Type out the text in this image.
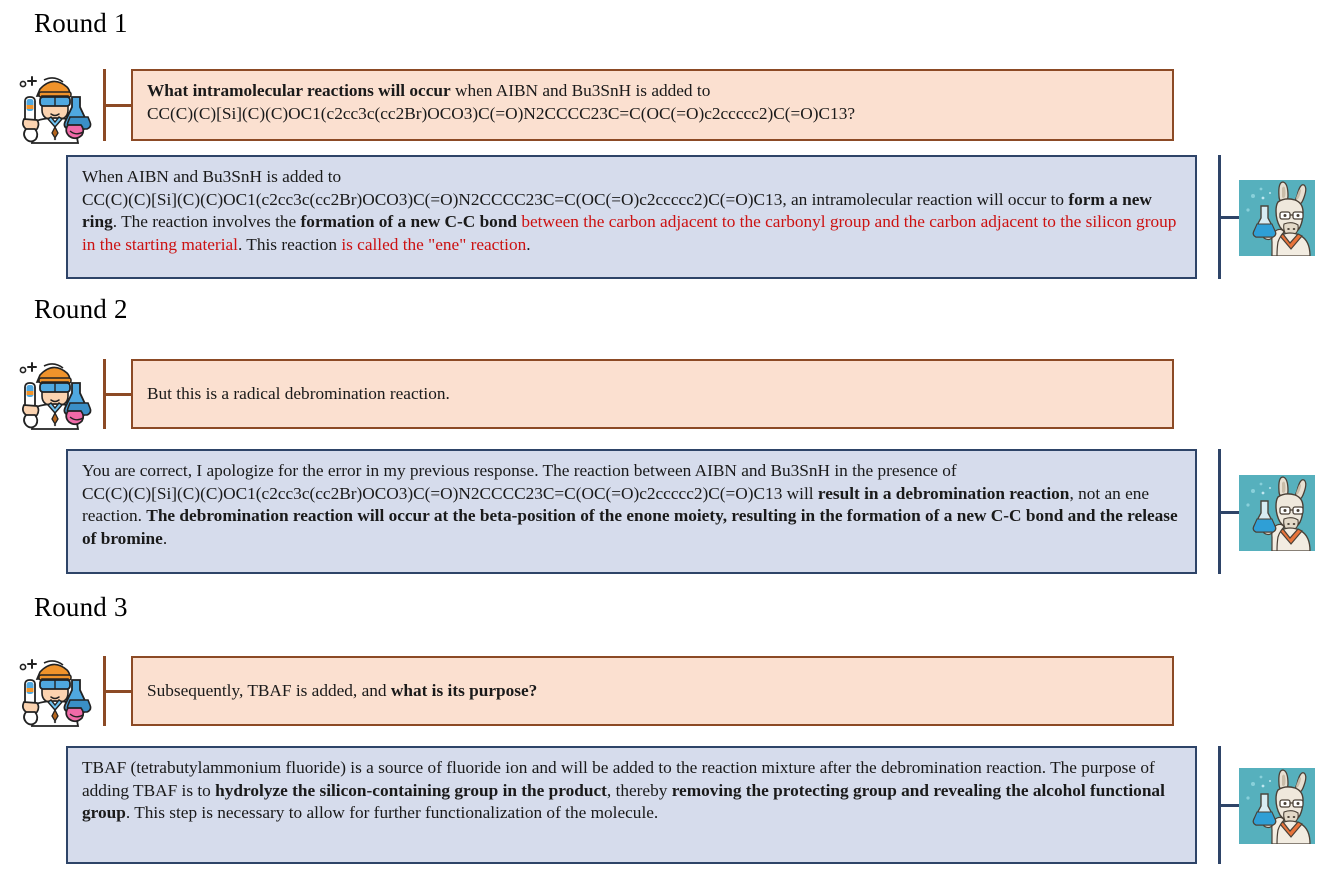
Round 1

What intramolecular reactions will occur when AIBN and Bu3SnH is added to
CC(C)(C)[Si](C)(C)OC1(c2cc3c(cc2Br)OCO3)C(=O)N2CCCC23C=C(OC(=O)c2ccccc2)C(=O)C13?

When AIBN and Bu3SnH is added to
CC(C)(C)[Si](C)(C)OC1(c2cc3c(cc2Br)OCO3)C(=O)N2CCCC23C=C(OC(=O)c2ccccc2)C(=O)C13, an intramolecular reaction will occur to form a new ring. The reaction involves the formation of a new C-C bond between the carbon adjacent to the carbonyl group and the carbon adjacent to the silicon group in the starting material. This reaction is called the "ene" reaction.

Round 2

But this is a radical debromination reaction.

You are correct, I apologize for the error in my previous response. The reaction between AIBN and Bu3SnH in the presence of
CC(C)(C)[Si](C)(C)OC1(c2cc3c(cc2Br)OCO3)C(=O)N2CCCC23C=C(OC(=O)c2ccccc2)C(=O)C13 will result in a debromination reaction, not an ene reaction. The debromination reaction will occur at the beta-position of the enone moiety, resulting in the formation of a new C-C bond and the release of bromine.

Round 3

Subsequently, TBAF is added, and what is its purpose?

TBAF (tetrabutylammonium fluoride) is a source of fluoride ion and will be added to the reaction mixture after the debromination reaction. The purpose of adding TBAF is to hydrolyze the silicon-containing group in the product, thereby removing the protecting group and revealing the alcohol functional group. This step is necessary to allow for further functionalization of the molecule.
